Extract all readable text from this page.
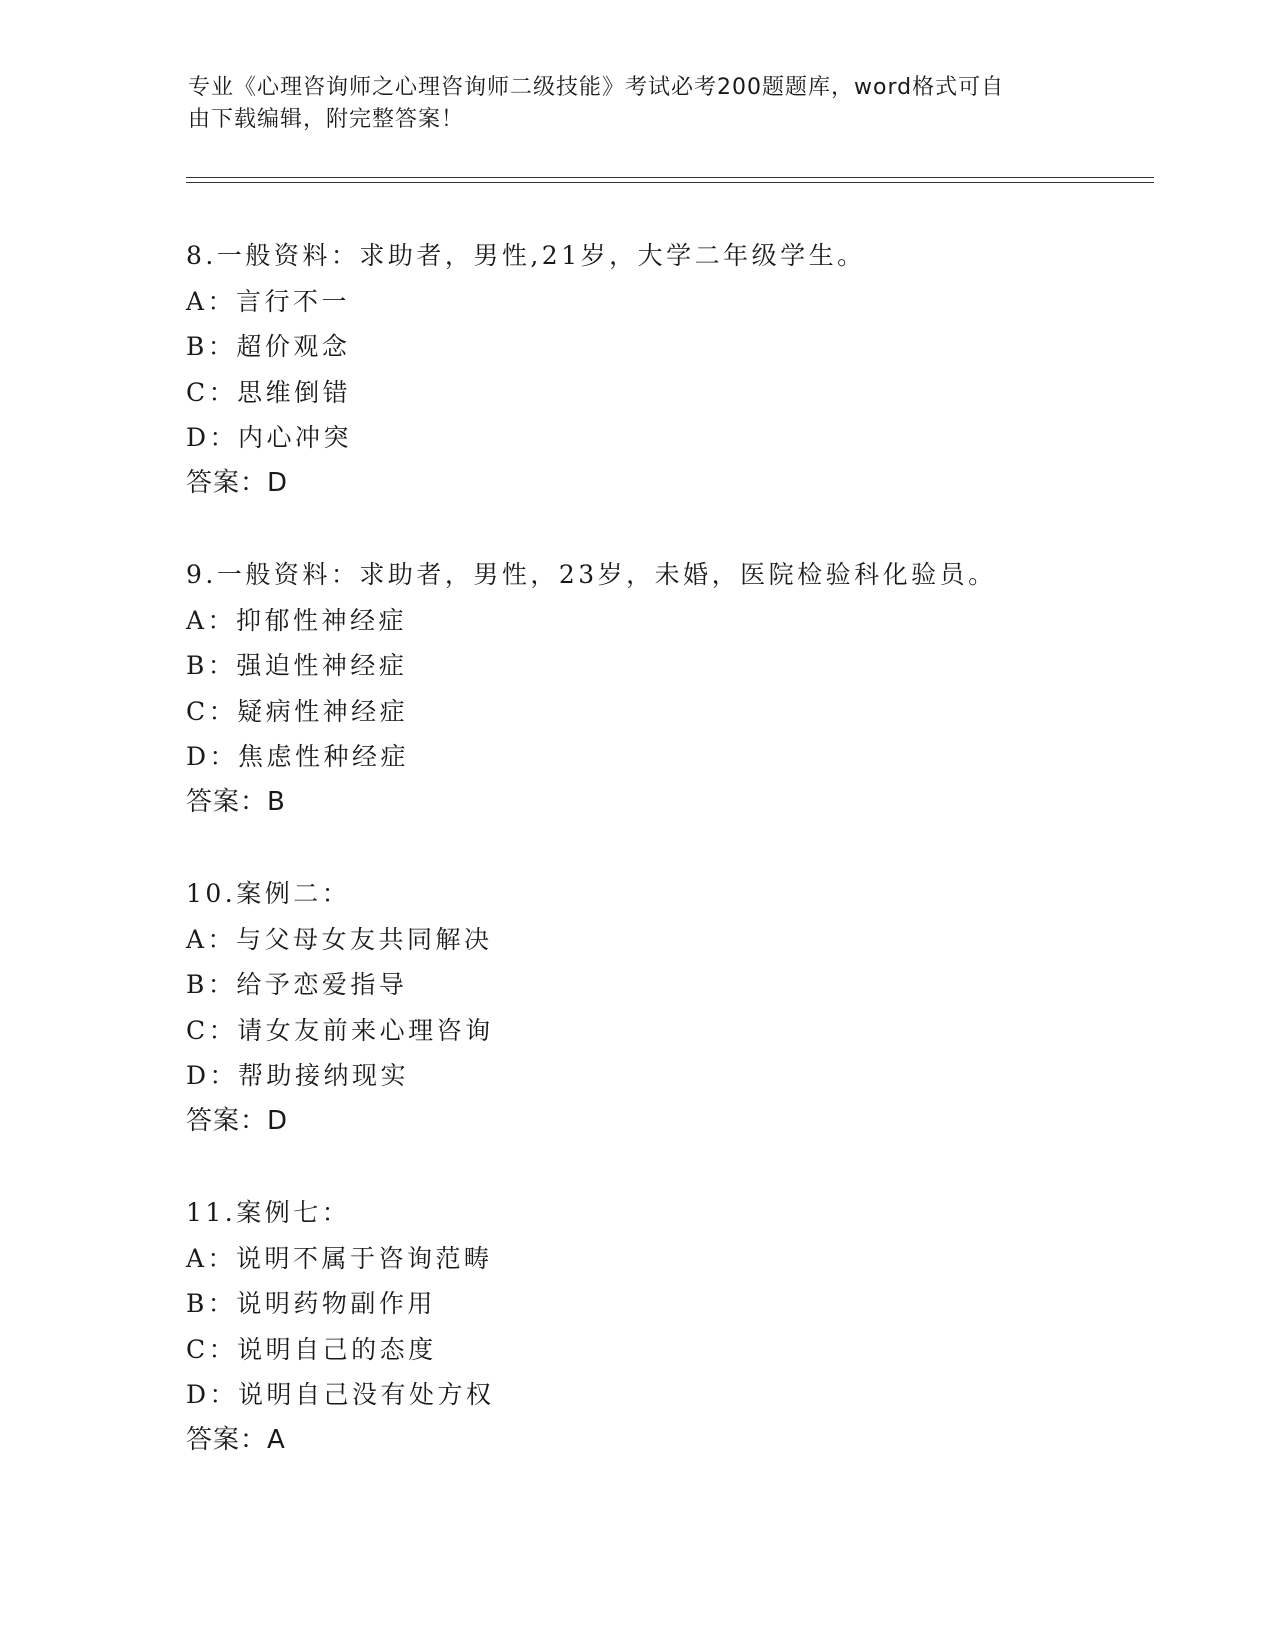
专业《心理咨询师之心理咨询师二级技能》考试必考200题题库，word格式可自

由下载编辑，附完整答案！

8.一般资料：求助者，男性,21岁，大学二年级学生。
A：言行不一
B：超价观念
C：思维倒错
D：内心冲突
答案：D
9.一般资料：求助者，男性，23岁，未婚，医院检验科化验员。
A：抑郁性神经症
B：强迫性神经症
C：疑病性神经症
D：焦虑性种经症
答案：B
10.案例二：
A：与父母女友共同解决
B：给予恋爱指导
C：请女友前来心理咨询
D：帮助接纳现实
答案：D
11.案例七：
A：说明不属于咨询范畴
B：说明药物副作用
C：说明自己的态度
D：说明自己没有处方权
答案：A
